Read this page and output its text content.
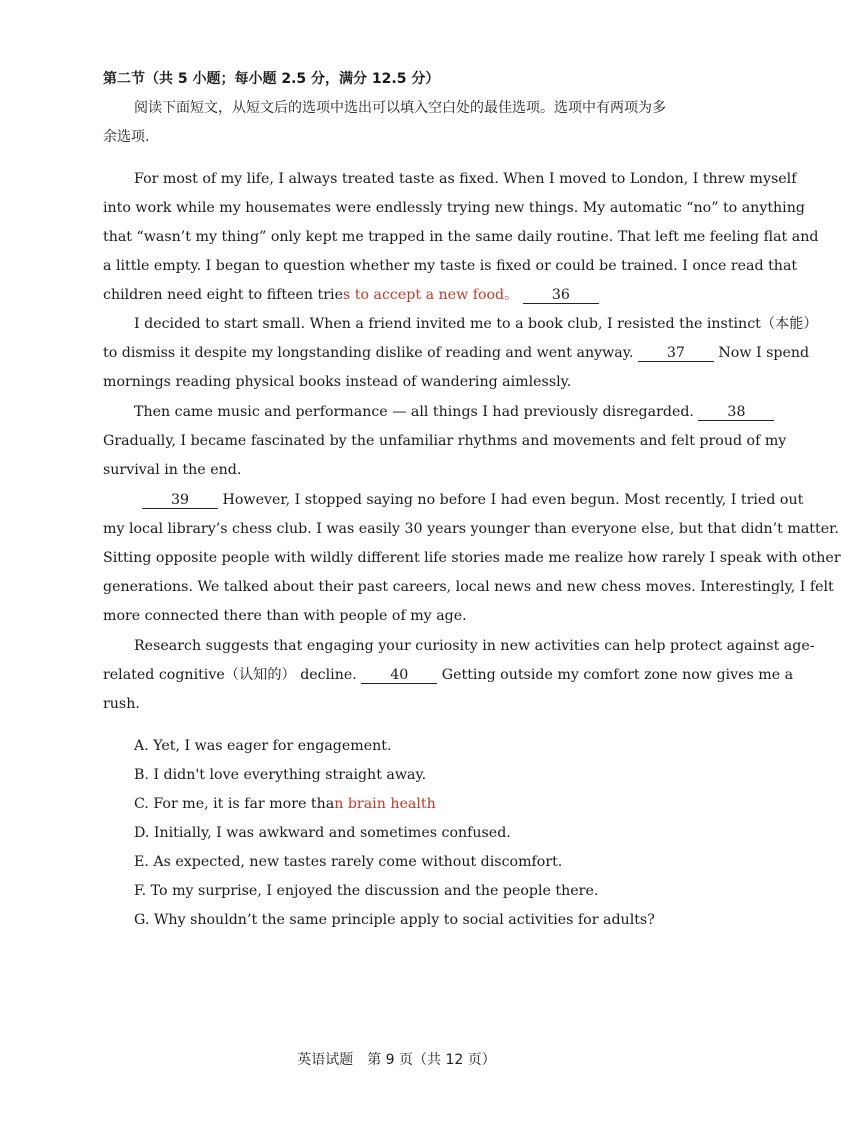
第二节（共 5 小题；每小题 2.5 分，满分 12.5 分）
阅读下面短文，从短文后的选项中选出可以填入空白处的最佳选项。选项中有两项为多
余选项.
For most of my life, I always treated taste as fixed. When I moved to London, I threw myself
into work while my housemates were endlessly trying new things. My automatic “no” to anything
that “wasn’t my thing” only kept me trapped in the same daily routine. That left me feeling flat and
a little empty. I began to question whether my taste is fixed or could be trained. I once read that
children need eight to fifteen tries to accept a new food。 36
I decided to start small. When a friend invited me to a book club, I resisted the instinct（本能）
to dismiss it despite my longstanding dislike of reading and went anyway. 37 Now I spend
mornings reading physical books instead of wandering aimlessly.
Then came music and performance — all things I had previously disregarded. 38
Gradually, I became fascinated by the unfamiliar rhythms and movements and felt proud of my
survival in the end.
39 However, I stopped saying no before I had even begun. Most recently, I tried out
my local library’s chess club. I was easily 30 years younger than everyone else, but that didn’t matter.
Sitting opposite people with wildly different life stories made me realize how rarely I speak with other
generations. We talked about their past careers, local news and new chess moves. Interestingly, I felt
more connected there than with people of my age.
Research suggests that engaging your curiosity in new activities can help protect against age-
related cognitive（认知的） decline. 40 Getting outside my comfort zone now gives me a
rush.
A. Yet, I was eager for engagement.
B. I didn't love everything straight away.
C. For me, it is far more than brain health
D. Initially, I was awkward and sometimes confused.
E. As expected, new tastes rarely come without discomfort.
F. To my surprise, I enjoyed the discussion and the people there.
G. Why shouldn’t the same principle apply to social activities for adults?
英语试题　第 9 页（共 12 页）
